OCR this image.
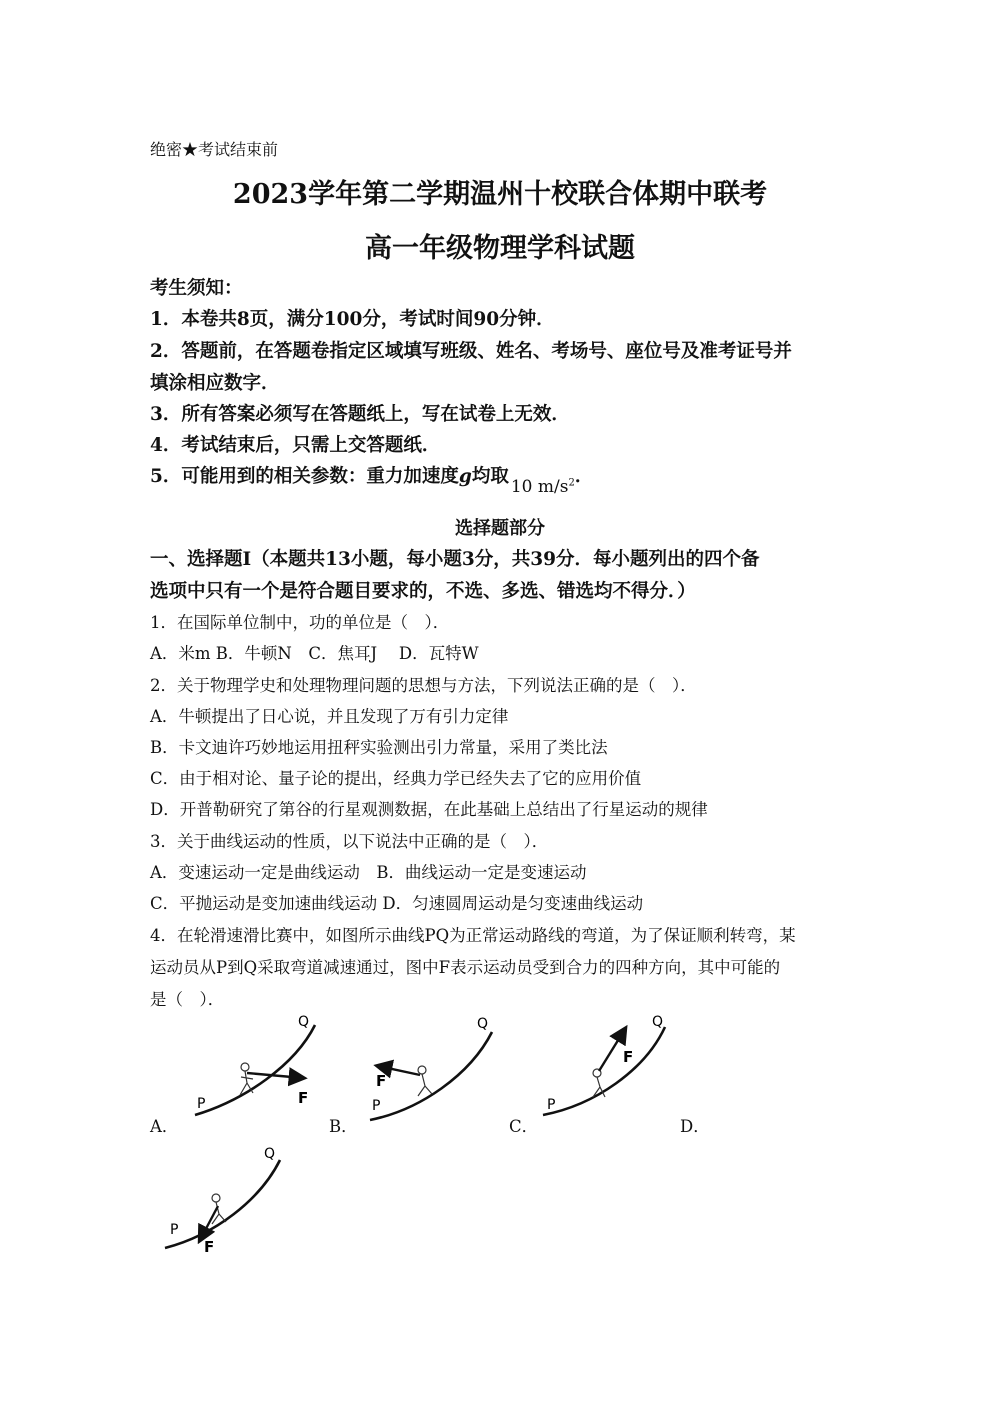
绝密★考试结束前
2023学年第二学期温州十校联合体期中联考
高一年级物理学科试题
考生须知：
1．本卷共8页，满分100分，考试时间90分钟．
2．答题前，在答题卷指定区域填写班级、姓名、考场号、座位号及准考证号并
填涂相应数字．
3．所有答案必须写在答题纸上，写在试卷上无效．
4．考试结束后，只需上交答题纸．
5．可能用到的相关参数：重力加速度g均取 10 $m/s^2$．
选择题部分
一、选择题Ⅰ（本题共13小题，每小题3分，共39分．每小题列出的四个备
选项中只有一个是符合题目要求的，不选、多选、错选均不得分．）
1．在国际单位制中，功的单位是（　）．
A．米m B．牛顿N　C．焦耳J　 D．瓦特W
2．关于物理学史和处理物理问题的思想与方法，下列说法正确的是（　）．
A．牛顿提出了日心说，并且发现了万有引力定律
B．卡文迪许巧妙地运用扭秤实验测出引力常量，采用了类比法
C．由于相对论、量子论的提出，经典力学已经失去了它的应用价值
D．开普勒研究了第谷的行星观测数据，在此基础上总结出了行星运动的规律
3．关于曲线运动的性质，以下说法中正确的是（　）．
A．变速运动一定是曲线运动　B．曲线运动一定是变速运动
C．平抛运动是变加速曲线运动 D．匀速圆周运动是匀变速曲线运动
4．在轮滑速滑比赛中，如图所示曲线PQ为正常运动路线的弯道，为了保证顺利转弯，某
运动员从P到Q采取弯道减速通过，图中F表示运动员受到合力的四种方向，其中可能的
是（　）．
A．	B．	C．	D．
Q
P	F
Q
P
F
Q
P
F
Q
P
F
